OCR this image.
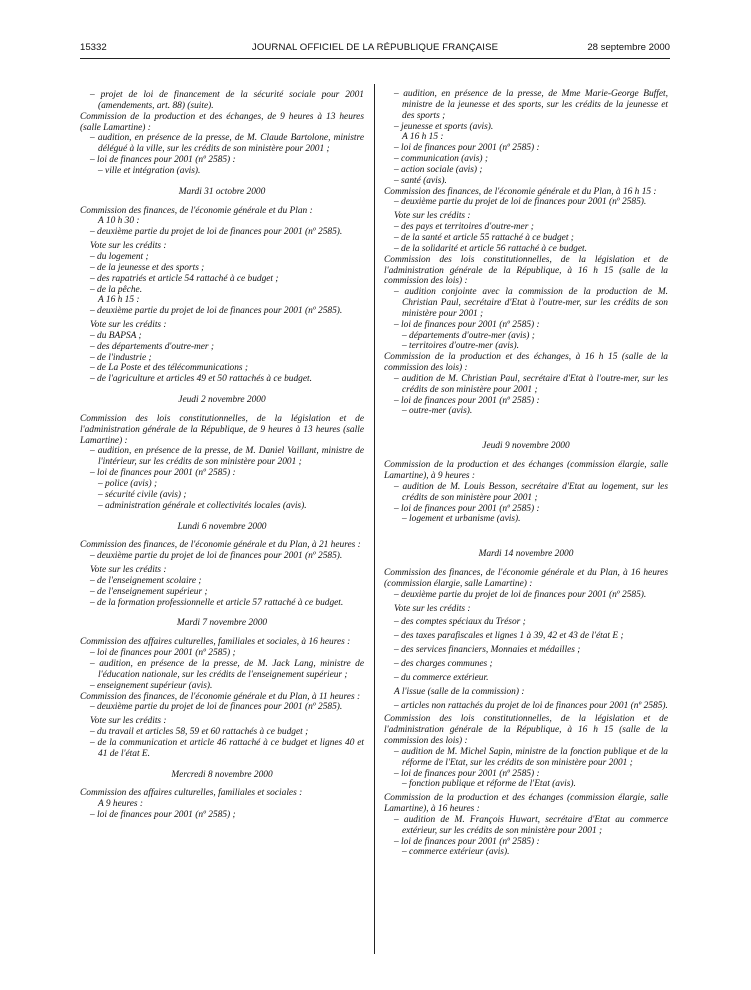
15332	JOURNAL OFFICIEL DE LA RÉPUBLIQUE FRANÇAISE	28 septembre 2000

– projet de loi de financement de la sécurité sociale pour 2001 (amendements, art. 88) (suite).

Commission de la production et des échanges, de 9 heures à 13 heures (salle Lamartine) :

– audition, en présence de la presse, de M. Claude Bartolone, ministre délégué à la ville, sur les crédits de son ministère pour 2001 ;

– loi de finances pour 2001 (nº 2585) :

– ville et intégration (avis).

Mardi 31 octobre 2000

Commission des finances, de l'économie générale et du Plan :

A 10 h 30 :

– deuxième partie du projet de loi de finances pour 2001 (nº 2585).

Vote sur les crédits :

– du logement ;

– de la jeunesse et des sports ;

– des rapatriés et article 54 rattaché à ce budget ;

– de la pêche.

A 16 h 15 :

– deuxième partie du projet de loi de finances pour 2001 (nº 2585).

Vote sur les crédits :

– du BAPSA ;

– des départements d'outre-mer ;

– de l'industrie ;

– de La Poste et des télécommunications ;

– de l'agriculture et articles 49 et 50 rattachés à ce budget.

Jeudi 2 novembre 2000

Commission des lois constitutionnelles, de la législation et de l'administration générale de la République, de 9 heures à 13 heures (salle Lamartine) :

– audition, en présence de la presse, de M. Daniel Vaillant, ministre de l'intérieur, sur les crédits de son ministère pour 2001 ;

– loi de finances pour 2001 (nº 2585) :

– police (avis) ;

– sécurité civile (avis) ;

– administration générale et collectivités locales (avis).

Lundi 6 novembre 2000

Commission des finances, de l'économie générale et du Plan, à 21 heures :

– deuxième partie du projet de loi de finances pour 2001 (nº 2585).

Vote sur les crédits :

– de l'enseignement scolaire ;

– de l'enseignement supérieur ;

– de la formation professionnelle et article 57 rattaché à ce budget.

Mardi 7 novembre 2000

Commission des affaires culturelles, familiales et sociales, à 16 heures :

– loi de finances pour 2001 (nº 2585) ;

– audition, en présence de la presse, de M. Jack Lang, ministre de l'éducation nationale, sur les crédits de l'enseignement supérieur ;

– enseignement supérieur (avis).

Commission des finances, de l'économie générale et du Plan, à 11 heures :

– deuxième partie du projet de loi de finances pour 2001 (nº 2585).

Vote sur les crédits :

– du travail et articles 58, 59 et 60 rattachés à ce budget ;

– de la communication et article 46 rattaché à ce budget et lignes 40 et 41 de l'état E.

Mercredi 8 novembre 2000

Commission des affaires culturelles, familiales et sociales :

A 9 heures :

– loi de finances pour 2001 (nº 2585) ;

– audition, en présence de la presse, de Mme Marie-George Buffet, ministre de la jeunesse et des sports, sur les crédits de la jeunesse et des sports ;

– jeunesse et sports (avis).

A 16 h 15 :

– loi de finances pour 2001 (nº 2585) :

– communication (avis) ;

– action sociale (avis) ;

– santé (avis).

Commission des finances, de l'économie générale et du Plan, à 16 h 15 :

– deuxième partie du projet de loi de finances pour 2001 (nº 2585).

Vote sur les crédits :

– des pays et territoires d'outre-mer ;

– de la santé et article 55 rattaché à ce budget ;

– de la solidarité et article 56 rattaché à ce budget.

Commission des lois constitutionnelles, de la législation et de l'administration générale de la République, à 16 h 15 (salle de la commission des lois) :

– audition conjointe avec la commission de la production de M. Christian Paul, secrétaire d'Etat à l'outre-mer, sur les crédits de son ministère pour 2001 ;

– loi de finances pour 2001 (nº 2585) :

– départements d'outre-mer (avis) ;

– territoires d'outre-mer (avis).

Commission de la production et des échanges, à 16 h 15 (salle de la commission des lois) :

– audition de M. Christian Paul, secrétaire d'Etat à l'outre-mer, sur les crédits de son ministère pour 2001 ;

– loi de finances pour 2001 (nº 2585) :

– outre-mer (avis).

Jeudi 9 novembre 2000

Commission de la production et des échanges (commission élargie, salle Lamartine), à 9 heures :

– audition de M. Louis Besson, secrétaire d'Etat au logement, sur les crédits de son ministère pour 2001 ;

– loi de finances pour 2001 (nº 2585) :

– logement et urbanisme (avis).

Mardi 14 novembre 2000

Commission des finances, de l'économie générale et du Plan, à 16 heures (commission élargie, salle Lamartine) :

– deuxième partie du projet de loi de finances pour 2001 (nº 2585).

Vote sur les crédits :

– des comptes spéciaux du Trésor ;

– des taxes parafiscales et lignes 1 à 39, 42 et 43 de l'état E ;

– des services financiers, Monnaies et médailles ;

– des charges communes ;

– du commerce extérieur.

A l'issue (salle de la commission) :

– articles non rattachés du projet de loi de finances pour 2001 (nº 2585).

Commission des lois constitutionnelles, de la législation et de l'administration générale de la République, à 16 h 15 (salle de la commission des lois) :

– audition de M. Michel Sapin, ministre de la fonction publique et de la réforme de l'Etat, sur les crédits de son ministère pour 2001 ;

– loi de finances pour 2001 (nº 2585) :

– fonction publique et réforme de l'Etat (avis).

Commission de la production et des échanges (commission élargie, salle Lamartine), à 16 heures :

– audition de M. François Huwart, secrétaire d'Etat au commerce extérieur, sur les crédits de son ministère pour 2001 ;

– loi de finances pour 2001 (nº 2585) :

– commerce extérieur (avis).
